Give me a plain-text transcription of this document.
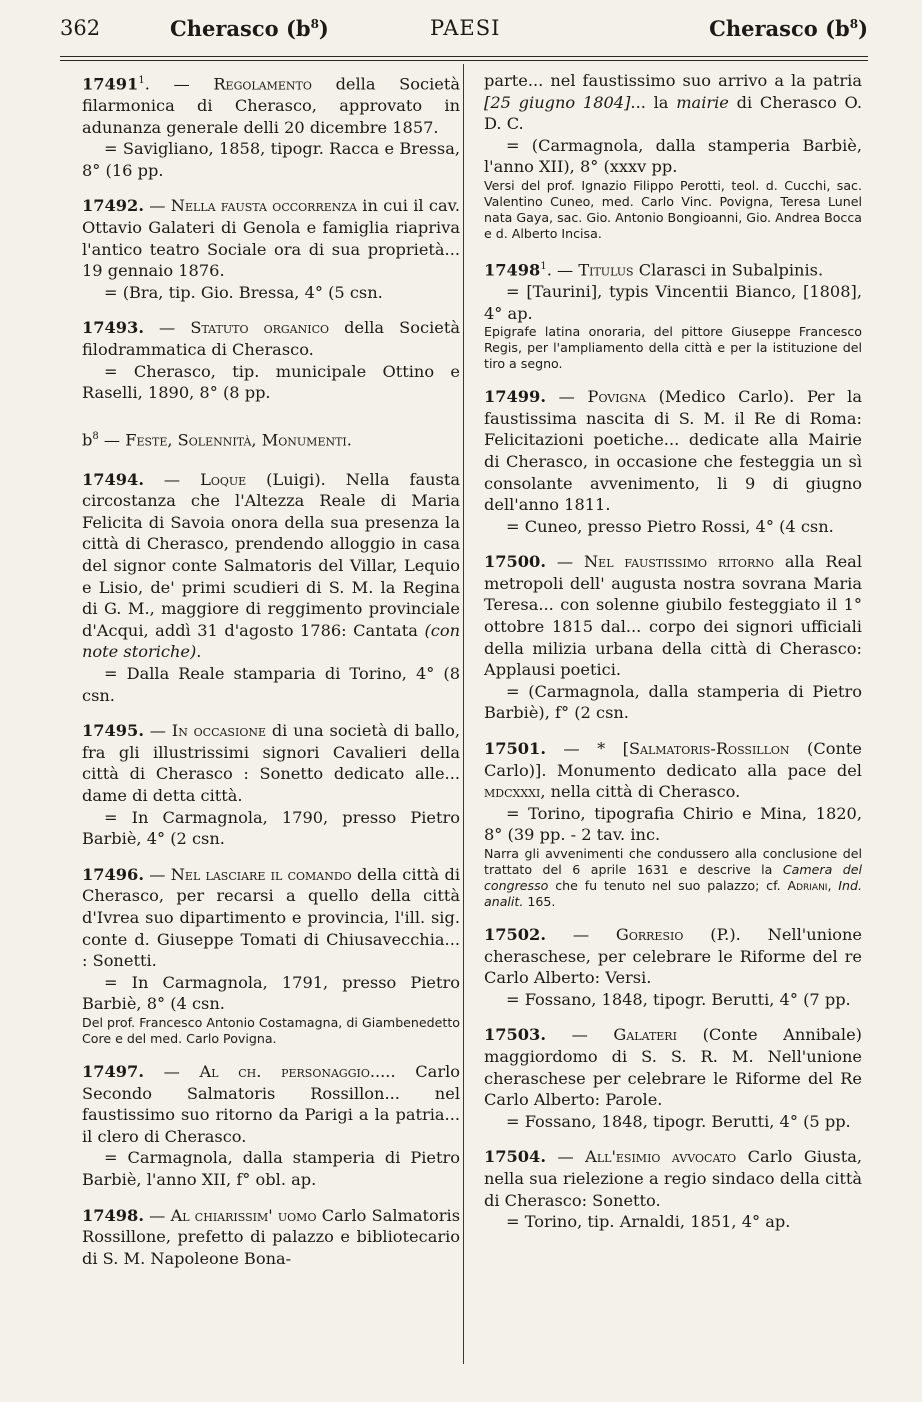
362	Cherasco $(b^8)$	PAESI	Cherasco $(b^8)$

17491$^1$. — Regolamento della Società filarmonica di Cherasco, approvato in adunanza generale delli 20 dicembre 1857.

= Savigliano, 1858, tipogr. Racca e Bressa, 8° (16 pp.

17492. — Nella fausta occorrenza in cui il cav. Ottavio Galateri di Genola e famiglia riapriva l'antico teatro Sociale ora di sua proprietà... 19 gennaio 1876.

= (Bra, tip. Gio. Bressa, 4° (5 csn.

17493. — Statuto organico della Società filodrammatica di Cherasco.

= Cherasco, tip. municipale Ottino e Raselli, 1890, 8° (8 pp.

$b^8$ — Feste, Solennità, Monumenti.

17494. — Loque (Luigi). Nella fausta circostanza che l'Altezza Reale di Maria Felicita di Savoia onora della sua presenza la città di Cherasco, prendendo alloggio in casa del signor conte Salmatoris del Villar, Lequio e Lisio, de' primi scudieri di S. M. la Regina di G. M., maggiore di reggimento provinciale d'Acqui, addì 31 d'agosto 1786: Cantata (con note storiche).

= Dalla Reale stamparia di Torino, 4° (8 csn.

17495. — In occasione di una società di ballo, fra gli illustrissimi signori Cavalieri della città di Cherasco : Sonetto dedicato alle... dame di detta città.

= In Carmagnola, 1790, presso Pietro Barbiè, 4° (2 csn.

17496. — Nel lasciare il comando della città di Cherasco, per recarsi a quello della città d'Ivrea suo dipartimento e provincia, l'ill. sig. conte d. Giuseppe Tomati di Chiusavecchia... : Sonetti.

= In Carmagnola, 1791, presso Pietro Barbiè, 8° (4 csn.

Del prof. Francesco Antonio Costamagna, di Giambenedetto Core e del med. Carlo Povigna.

17497. — Al ch. personaggio..... Carlo Secondo Salmatoris Rossillon... nel faustissimo suo ritorno da Parigi a la patria... il clero di Cherasco.

= Carmagnola, dalla stamperia di Pietro Barbiè, l'anno XII, f° obl. ap.

17498. — Al chiarissim' uomo Carlo Salmatoris Rossillone, prefetto di palazzo e bibliotecario di S. M. Napoleone Bona-

parte... nel faustissimo suo arrivo a la patria [25 giugno 1804]... la mairie di Cherasco O. D. C.

= (Carmagnola, dalla stamperia Barbiè, l'anno XII), 8° (xxxv pp.

Versi del prof. Ignazio Filippo Perotti, teol. d. Cucchi, sac. Valentino Cuneo, med. Carlo Vinc. Povigna, Teresa Lunel nata Gaya, sac. Gio. Antonio Bongioanni, Gio. Andrea Bocca e d. Alberto Incisa.

17498$^1$. — Titulus Clarasci in Subalpinis.

= [Taurini], typis Vincentii Bianco, [1808], 4° ap.

Epigrafe latina onoraria, del pittore Giuseppe Francesco Regis, per l'ampliamento della città e per la istituzione del tiro a segno.

17499. — Povigna (Medico Carlo). Per la faustissima nascita di S. M. il Re di Roma: Felicitazioni poetiche... dedicate alla Mairie di Cherasco, in occasione che festeggia un sì consolante avvenimento, li 9 di giugno dell'anno 1811.

= Cuneo, presso Pietro Rossi, 4° (4 csn.

17500. — Nel faustissimo ritorno alla Real metropoli dell' augusta nostra sovrana Maria Teresa... con solenne giubilo festeggiato il 1° ottobre 1815 dal... corpo dei signori ufficiali della milizia urbana della città di Cherasco: Applausi poetici.

= (Carmagnola, dalla stamperia di Pietro Barbiè), f° (2 csn.

17501. — * [Salmatoris-Rossillon (Conte Carlo)]. Monumento dedicato alla pace del mdcxxxi, nella città di Cherasco.

= Torino, tipografia Chirio e Mina, 1820, 8° (39 pp. - 2 tav. inc.

Narra gli avvenimenti che condussero alla conclusione del trattato del 6 aprile 1631 e descrive la Camera del congresso che fu tenuto nel suo palazzo; cf. Adriani, Ind. analit. 165.

17502. — Gorresio (P.). Nell'unione cheraschese, per celebrare le Riforme del re Carlo Alberto: Versi.

= Fossano, 1848, tipogr. Berutti, 4° (7 pp.

17503. — Galateri (Conte Annibale) maggiordomo di S. S. R. M. Nell'unione cheraschese per celebrare le Riforme del Re Carlo Alberto: Parole.

= Fossano, 1848, tipogr. Berutti, 4° (5 pp.

17504. — All'esimio avvocato Carlo Giusta, nella sua rielezione a regio sindaco della città di Cherasco: Sonetto.

= Torino, tip. Arnaldi, 1851, 4° ap.
